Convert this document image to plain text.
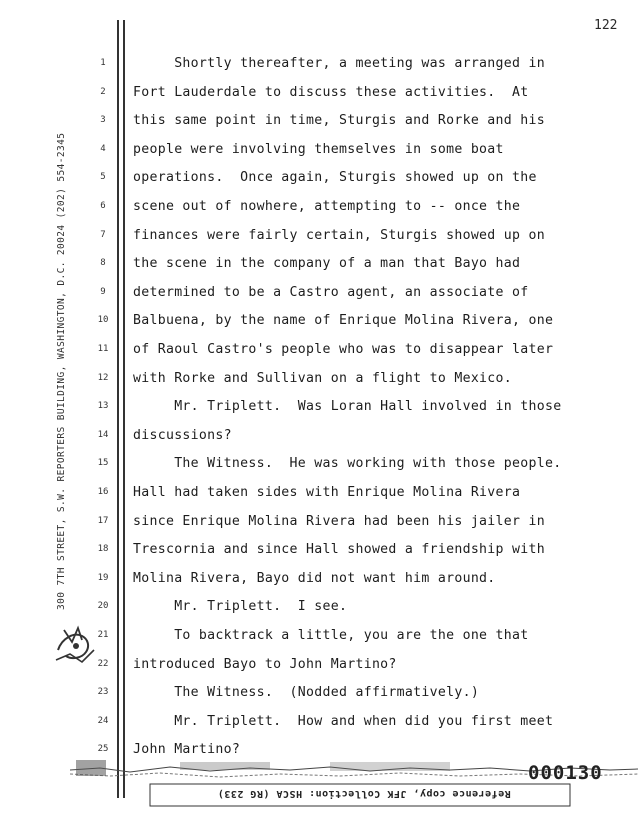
122
300 7TH STREET, S.W. REPORTERS BUILDING, WASHINGTON, D.C. 20024 (202) 554-2345
1	Shortly thereafter, a meeting was arranged in
2	Fort Lauderdale to discuss these activities.  At
3	this same point in time, Sturgis and Rorke and his
4	people were involving themselves in some boat
5	operations.  Once again, Sturgis showed up on the
6	scene out of nowhere, attempting to -- once the
7	finances were fairly certain, Sturgis showed up on
8	the scene in the company of a man that Bayo had
9	determined to be a Castro agent, an associate of
10 Balbuena, by the name of Enrique Molina Rivera, one
11 of Raoul Castro's people who was to disappear later
12 with Rorke and Sullivan on a flight to Mexico.
13 Mr. Triplett.  Was Loran Hall involved in those
14 discussions?
15 The Witness.  He was working with those people.
16 Hall had taken sides with Enrique Molina Rivera
17 since Enrique Molina Rivera had been his jailer in
18 Trescornia and since Hall showed a friendship with
19 Molina Rivera, Bayo did not want him around.
20 Mr. Triplett.  I see.
21 To backtrack a little, you are the one that
22 introduced Bayo to John Martino?
23 The Witness.  (Nodded affirmatively.)
24 Mr. Triplett.  How and when did you first meet
25 John Martino?
000130
Reference copy, JFK Collection: HSCA (RG 233)
